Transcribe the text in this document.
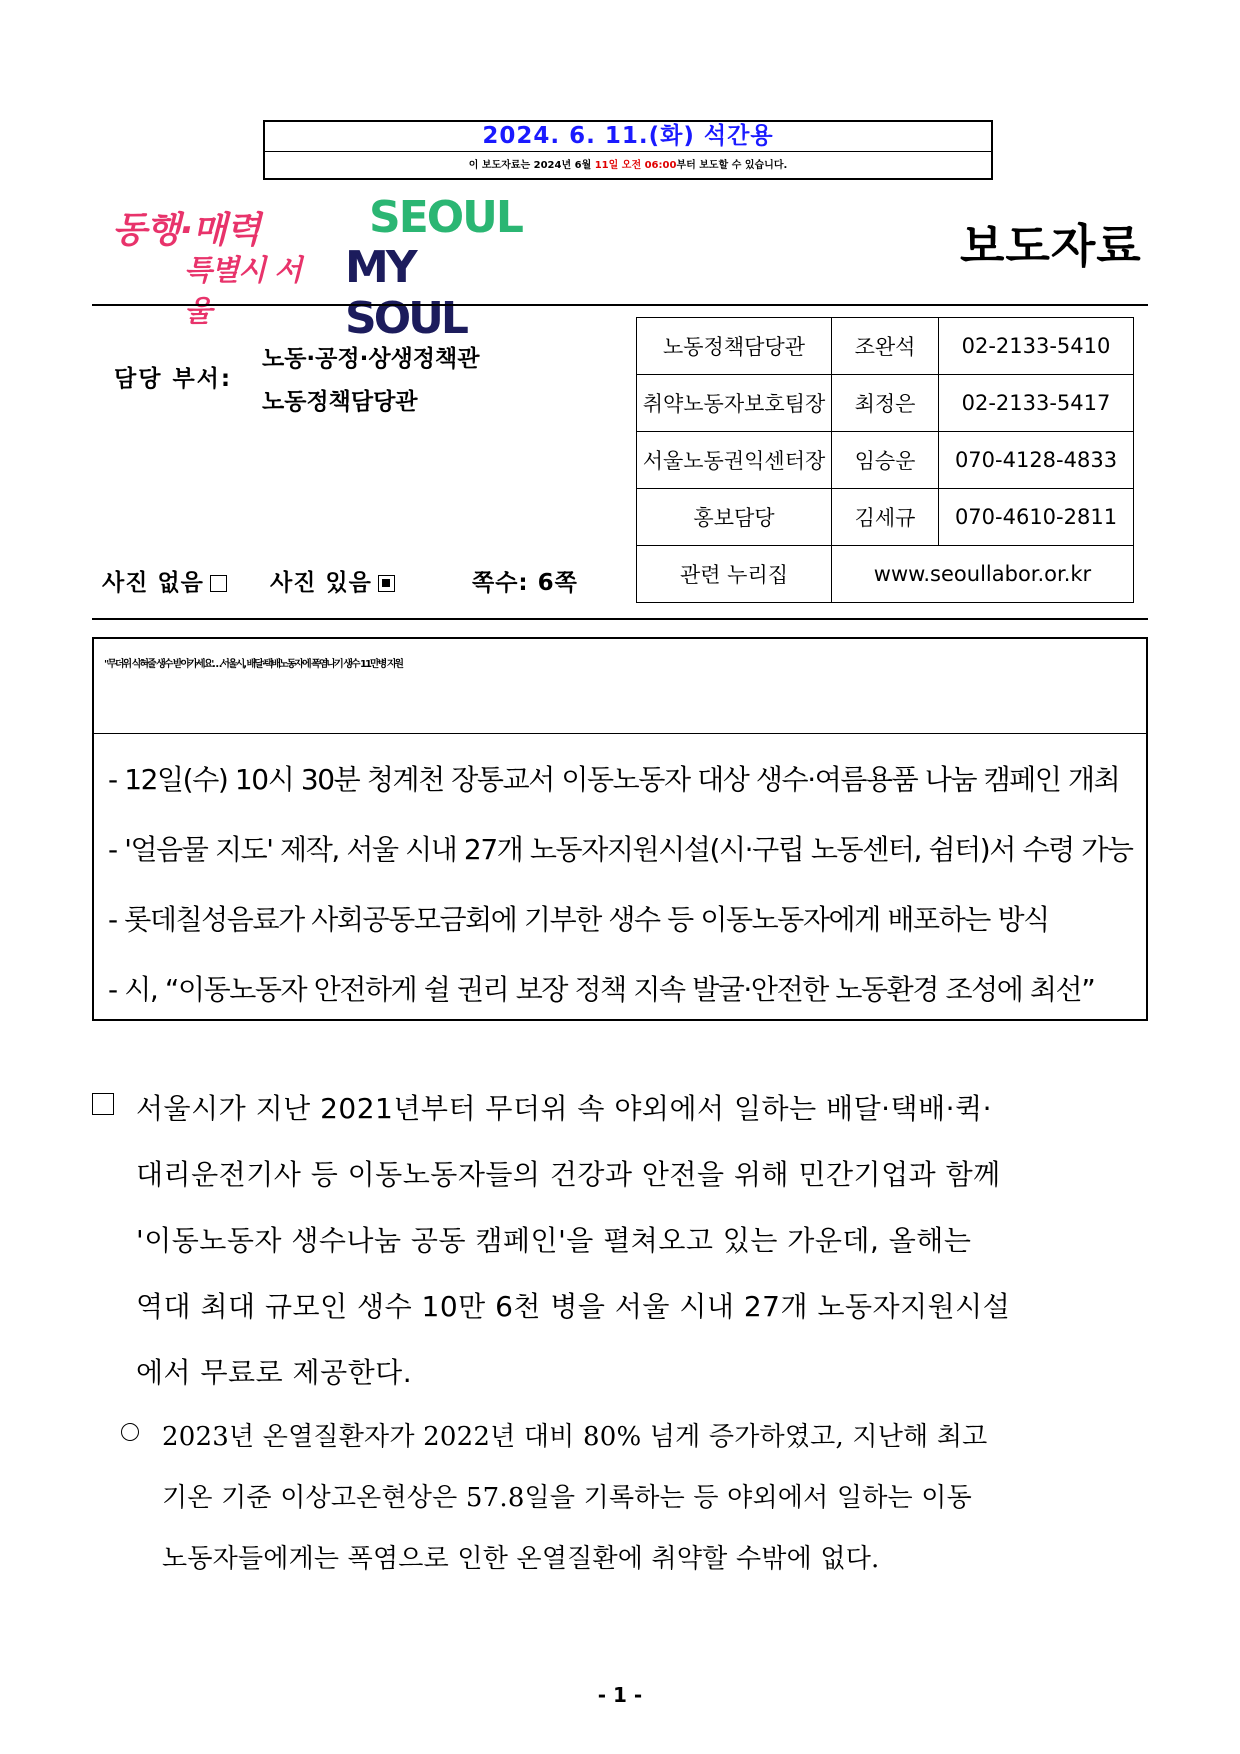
2024. 6. 11.(화) 석간용
이 보도자료는 2024년 6월 11일 오전 06:00부터 보도할 수 있습니다.
동행·매력
특별시 서울
SEOUL
MY SOUL
보도자료
담당 부서:
노동·공정·상생정책관
노동정책담당관
노동정책담당관	조완석	02-2133-5410
취약노동자보호팀장	최정은	02-2133-5417
서울노동권익센터장	임승운	070-4128-4833
홍보담당	김세규	070-4610-2811
관련 누리집	www.seoullabor.or.kr	
사진 없음	사진 있음	쪽수: 6쪽
"무더위 식혀줄 생수 받아가세요'…서울시, 배달·택배노동자에 폭염나기 생수 11만병 지원
- 12일(수) 10시 30분 청계천 장통교서 이동노동자 대상 생수·여름용품 나눔 캠페인 개최
- '얼음물 지도' 제작, 서울 시내 27개 노동자지원시설(시·구립 노동센터, 쉼터)서 수령 가능
- 롯데칠성음료가 사회공동모금회에 기부한 생수 등 이동노동자에게 배포하는 방식
- 시, “이동노동자 안전하게 쉴 권리 보장 정책 지속 발굴·안전한 노동환경 조성에 최선”
서울시가 지난 2021년부터 무더위 속 야외에서 일하는 배달·택배·퀵·
대리운전기사 등 이동노동자들의 건강과 안전을 위해 민간기업과 함께
'이동노동자 생수나눔 공동 캠페인'을 펼쳐오고 있는 가운데, 올해는
역대 최대 규모인 생수 10만 6천 병을 서울 시내 27개 노동자지원시설
에서 무료로 제공한다.
2023년 온열질환자가 2022년 대비 80% 넘게 증가하였고, 지난해 최고
기온 기준 이상고온현상은 57.8일을 기록하는 등 야외에서 일하는 이동
노동자들에게는 폭염으로 인한 온열질환에 취약할 수밖에 없다.
- 1 -
